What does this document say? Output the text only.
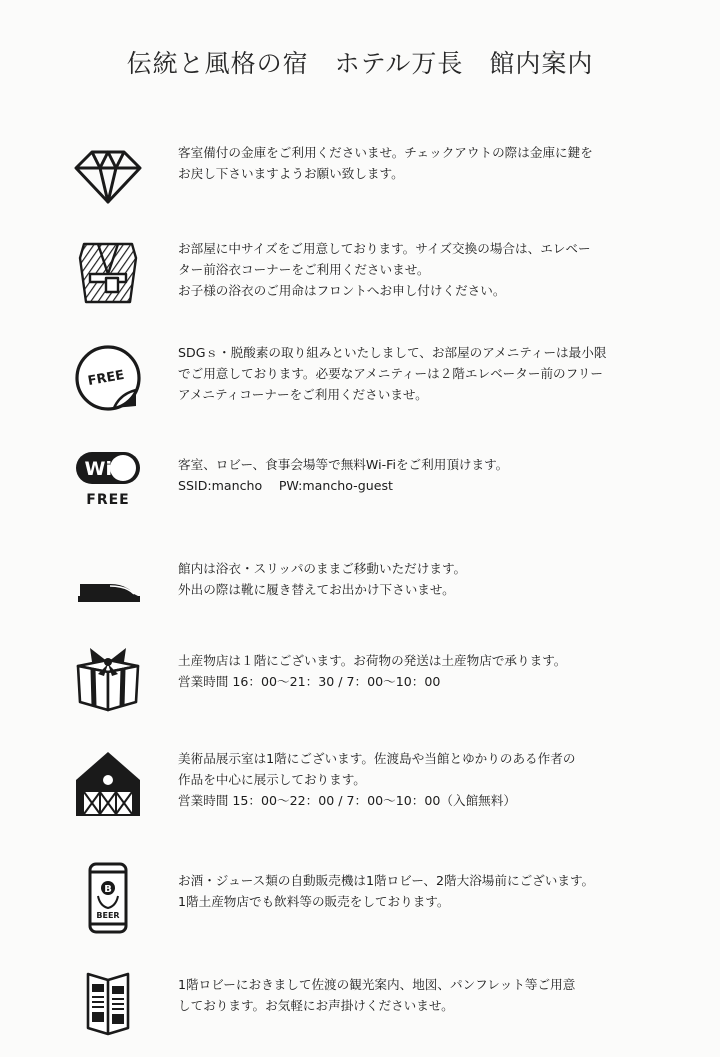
伝統と風格の宿　ホテル万長　館内案内
客室備付の金庫をご利用くださいませ。チェックアウトの際は金庫に鍵を
お戻し下さいますようお願い致します。
お部屋に中サイズをご用意しております。サイズ交換の場合は、エレベー
ター前浴衣コーナーをご利用くださいませ。
お子様の浴衣のご用命はフロントへお申し付けください。
FREE
SDGｓ・脱酸素の取り組みといたしまして、お部屋のアメニティーは最小限
でご用意しております。必要なアメニティーは２階エレベーター前のフリー
アメニティコーナーをご利用くださいませ。
WiFi
FREE
客室、ロビー、食事会場等で無料Wi-Fiをご利用頂けます。
SSID:mancho　 PW:mancho-guest
館内は浴衣・スリッパのままご移動いただけます。
外出の際は靴に履き替えてお出かけ下さいませ。
土産物店は１階にございます。お荷物の発送は土産物店で承ります。
営業時間 16：00～21：30 / 7：00～10：00
美術品展示室は1階にございます。佐渡島や当館とゆかりのある作者の
作品を中心に展示しております。
営業時間 15：00～22：00 / 7：00～10：00（入館無料）
B
BEER
お酒・ジュース類の自動販売機は1階ロビー、2階大浴場前にございます。
1階土産物店でも飲料等の販売をしております。
1階ロビーにおきまして佐渡の観光案内、地図、パンフレット等ご用意
しております。お気軽にお声掛けくださいませ。
